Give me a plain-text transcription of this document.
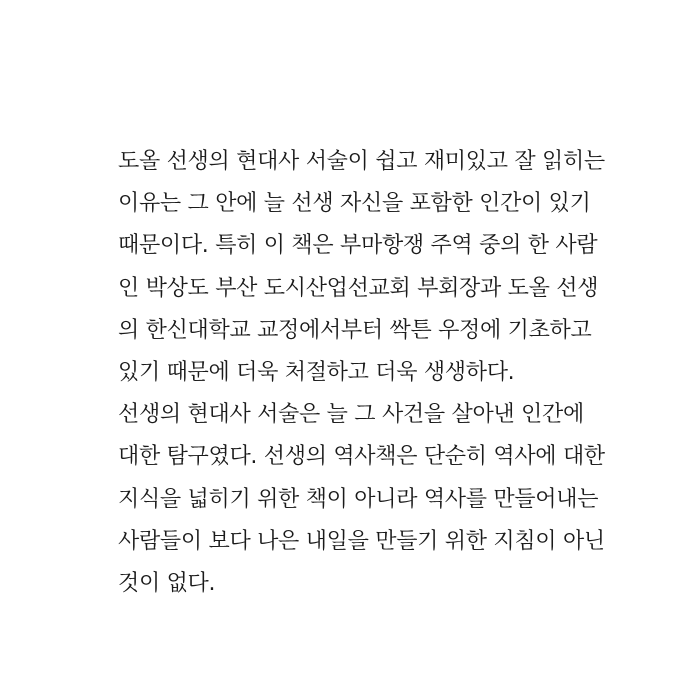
도올 선생의 현대사 서술이 쉽고 재미있고 잘 읽히는
이유는 그 안에 늘 선생 자신을 포함한 인간이 있기
때문이다. 특히 이 책은 부마항쟁 주역 중의 한 사람
인 박상도 부산 도시산업선교회 부회장과 도올 선생
의 한신대학교 교정에서부터 싹튼 우정에 기초하고
있기 때문에 더욱 처절하고 더욱 생생하다.
선생의 현대사 서술은 늘 그 사건을 살아낸 인간에
대한 탐구였다. 선생의 역사책은 단순히 역사에 대한
지식을 넓히기 위한 책이 아니라 역사를 만들어내는
사람들이 보다 나은 내일을 만들기 위한 지침이 아닌
것이 없다.
